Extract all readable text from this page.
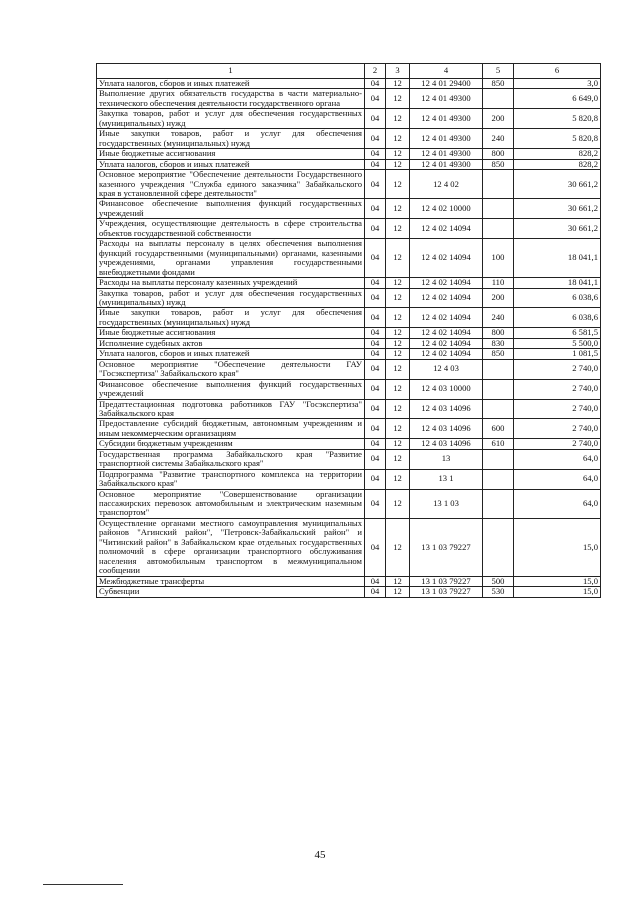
1	2	3	4	5	6
Уплата налогов, сборов и иных платежей	04	12	12 4 01 29400	850	3,0
Выполнение других обязательств государства в части материально-технического обеспечения деятельности государственного органа	04	12	12 4 01 49300		6 649,0
Закупка товаров, работ и услуг для обеспечения государственных (муниципальных) нужд	04	12	12 4 01 49300	200	5 820,8
Иные закупки товаров, работ и услуг для обеспечения государственных (муниципальных) нужд	04	12	12 4 01 49300	240	5 820,8
Иные бюджетные ассигнования	04	12	12 4 01 49300	800	828,2
Уплата налогов, сборов и иных платежей	04	12	12 4 01 49300	850	828,2
Основное мероприятие "Обеспечение деятельности Государственного казенного учреждения "Служба единого заказчика" Забайкальского края в установленной сфере деятельности"	04	12	12 4 02		30 661,2
Финансовое обеспечение выполнения функций государственных учреждений	04	12	12 4 02 10000		30 661,2
Учреждения, осуществляющие деятельность в сфере строительства объектов государственной собственности	04	12	12 4 02 14094		30 661,2
Расходы на выплаты персоналу в целях обеспечения выполнения функций государственными (муниципальными) органами, казенными учреждениями, органами управления государственными внебюджетными фондами	04	12	12 4 02 14094	100	18 041,1
Расходы на выплаты персоналу казенных учреждений	04	12	12 4 02 14094	110	18 041,1
Закупка товаров, работ и услуг для обеспечения государственных (муниципальных) нужд	04	12	12 4 02 14094	200	6 038,6
Иные закупки товаров, работ и услуг для обеспечения государственных (муниципальных) нужд	04	12	12 4 02 14094	240	6 038,6
Иные бюджетные ассигнования	04	12	12 4 02 14094	800	6 581,5
Исполнение судебных актов	04	12	12 4 02 14094	830	5 500,0
Уплата налогов, сборов и иных платежей	04	12	12 4 02 14094	850	1 081,5
Основное мероприятие "Обеспечение деятельности ГАУ "Госэкспертиза" Забайкальского края"	04	12	12 4 03		2 740,0
Финансовое обеспечение выполнения функций государственных учреждений	04	12	12 4 03 10000		2 740,0
Предаттестационная подготовка работников ГАУ "Госэкспертиза" Забайкальского края	04	12	12 4 03 14096		2 740,0
Предоставление субсидий бюджетным, автономным учреждениям и иным некоммерческим организациям	04	12	12 4 03 14096	600	2 740,0
Субсидии бюджетным учреждениям	04	12	12 4 03 14096	610	2 740,0
Государственная программа Забайкальского края "Развитие транспортной системы Забайкальского края"	04	12	13		64,0
Подпрограмма "Развитие транспортного комплекса на территории Забайкальского края"	04	12	13 1		64,0
Основное мероприятие "Совершенствование организации пассажирских перевозок автомобильным и электрическим наземным транспортом"	04	12	13 1 03		64,0
Осуществление органами местного самоуправления муниципальных районов "Агинский район", "Петровск-Забайкальский район" и "Читинский район" в Забайкальском крае отдельных государственных полномочий в сфере организации транспортного обслуживания населения автомобильным транспортом в межмуниципальном сообщении	04	12	13 1 03 79227		15,0
Межбюджетные трансферты	04	12	13 1 03 79227	500	15,0
Субвенции	04	12	13 1 03 79227	530	15,0
45
